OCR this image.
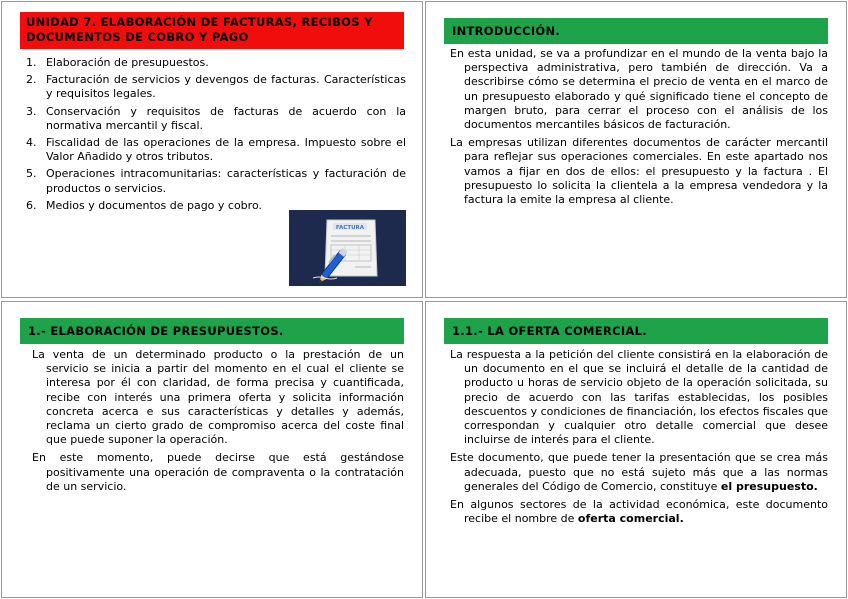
UNIDAD 7. ELABORACIÓN DE FACTURAS, RECIBOS Y DOCUMENTOS DE COBRO Y PAGO
1. Elaboración de presupuestos.
2. Facturación de servicios y devengos de facturas. Características y requisitos legales.
3. Conservación y requisitos de facturas de acuerdo con la normativa mercantil y fiscal.
4. Fiscalidad de las operaciones de la empresa. Impuesto sobre el Valor Añadido y otros tributos.
5. Operaciones intracomunitarias: características y facturación de productos o servicios.
6. Medios y documentos de pago y cobro.
FACTURA
INTRODUCCIÓN.

En esta unidad, se va a profundizar en el mundo de la venta bajo la perspectiva administrativa, pero también de dirección. Va a describirse cómo se determina el precio de venta en el marco de un presupuesto elaborado y qué significado tiene el concepto de margen bruto, para cerrar el proceso con el análisis de los documentos mercantiles básicos de facturación.

La empresas utilizan diferentes documentos de carácter mercantil para reflejar sus operaciones comerciales. En este apartado nos vamos a fijar en dos de ellos: el presupuesto y la factura . El presupuesto lo solicita la clientela a la empresa vendedora y la factura la emite la empresa al cliente.

1.- ELABORACIÓN DE PRESUPUESTOS.

La venta de un determinado producto o la prestación de un servicio se inicia a partir del momento en el cual el cliente se interesa por él con claridad, de forma precisa y cuantificada, recibe con interés una primera oferta y solicita información concreta acerca e sus características y detalles y además, reclama un cierto grado de compromiso acerca del coste final que puede suponer la operación.

En este momento, puede decirse que está gestándose positivamente una operación de compraventa o la contratación de un servicio.

1.1.- LA OFERTA COMERCIAL.

La respuesta a la petición del cliente consistirá en la elaboración de un documento en el que se incluirá el detalle de la cantidad de producto u horas de servicio objeto de la operación solicitada, su precio de acuerdo con las tarifas establecidas, los posibles descuentos y condiciones de financiación, los efectos fiscales que correspondan y cualquier otro detalle comercial que desee incluirse de interés para el cliente.

Este documento, que puede tener la presentación que se crea más adecuada, puesto que no está sujeto más que a las normas generales del Código de Comercio, constituye el presupuesto.

En algunos sectores de la actividad económica, este documento recibe el nombre de oferta comercial.
